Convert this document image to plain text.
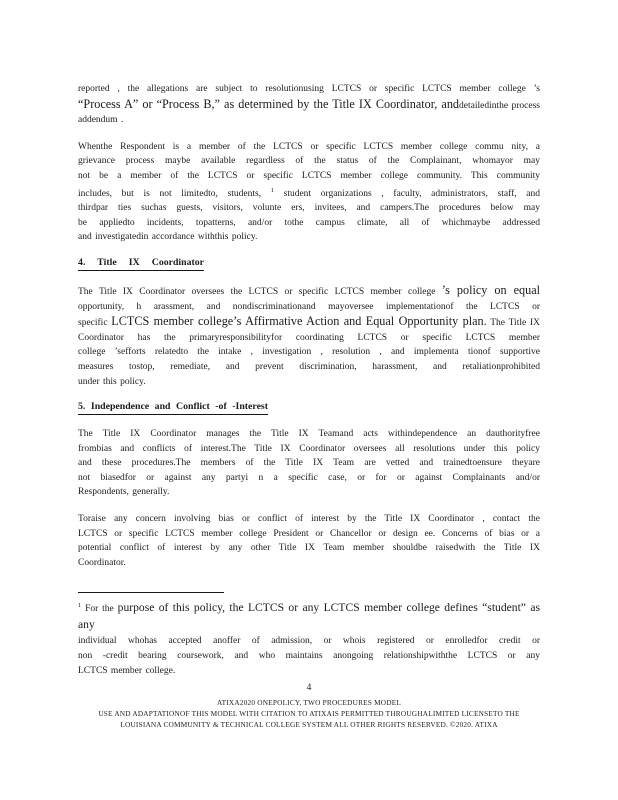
reported , the allegations are subject to resolutionusing LCTCS or specific LCTCS member college ’s
“Process A” or “Process B,” as determined by the Title IX Coordinator, anddetailedinthe process
addendum .
Whenthe Respondent is a member of the LCTCS or specific LCTCS member college commu nity, a
grievance process maybe available regardless of the status of the Complainant, whomayor may
not be a member of the LCTCS or specific LCTCS member college community. This community
includes, but is not limitedto, students, $^1$ student organizations , faculty, administrators, staff, and
thirdpar ties suchas guests, visitors, volunte ers, invitees, and campers.The procedures below may
be appliedto incidents, topatterns, and/or tothe campus climate, all of whichmaybe addressed
and investigatedin accordance withthis policy.
4. Title IX Coordinator
The Title IX Coordinator oversees the LCTCS or specific LCTCS member college ’s policy on equal
opportunity, h arassment, and nondiscriminationand mayoversee implementationof the LCTCS or
specific LCTCS member college’s Affirmative Action and Equal Opportunity plan. The Title IX
Coordinator has the primaryresponsibilityfor coordinating LCTCS or specific LCTCS member
college ’sefforts relatedto the intake , investigation , resolution , and implementa tionof supportive
measures tostop, remediate, and prevent discrimination, harassment, and retaliationprohibited
under this policy.
5. Independence and Conflict -of -Interest
The Title IX Coordinator manages the Title IX Teamand acts withindependence an dauthorityfree
frombias and conflicts of interest.The Title IX Coordinator oversees all resolutions under this policy
and these procedures.The members of the Title IX Team are vetted and trainedtoensure theyare
not biasedfor or against any partyi n a specific case, or for or against Complainants and/or
Respondents, generally.
Toraise any concern involving bias or conflict of interest by the Title IX Coordinator , contact the
LCTCS or specific LCTCS member college President or Chancellor or design ee. Concerns of bias or a
potential conflict of interest by any other Title IX Team member shouldbe raisedwith the Title IX
Coordinator.
$^1$ For the purpose of this policy, the LCTCS or any LCTCS member college defines “student” as any
individual whohas accepted anoffer of admission, or whois registered or enrolledfor credit or
non -credit bearing coursework, and who maintains anongoing relationshipwiththe LCTCS or any
LCTCS member college.
4
ATIXA2020 ONEPOLICY, TWO PROCEDURES MODEL
USE AND ADAPTATIONOF THIS MODEL WITH CITATION TO ATIXAIS PERMITTED THROUGHALIMITED LICENSETO THE
LOUISIANA COMMUNITY & TECHNICAL COLLEGE SYSTEM ALL OTHER RIGHTS RESERVED. ©2020. ATIXA
